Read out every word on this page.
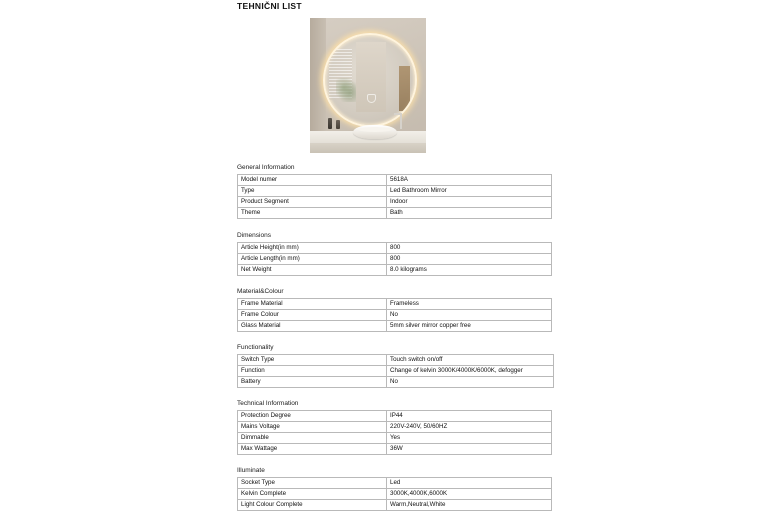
TEHNIČNI LIST
General Information
Model numer	5618A
Type	Led Bathroom Mirror
Product Segment	Indoor
Theme	Bath
Dimensions
Article Height(in mm)	800
Article Length(in mm)	800
Net Weight	8.0 kilograms
Material&Colour
Frame Material	Frameless
Frame Colour	No
Glass Material	5mm silver mirror copper free
Functionality
Switch Type	Touch switch on/off
Function	Change of kelvin 3000K/4000K/6000K, defogger
Battery	No
Technical Information
Protection Degree	IP44
Mains Voltage	220V-240V, 50/60HZ
Dimmable	Yes
Max Wattage	36W
Illuminate
Socket Type	Led
Kelvin Complete	3000K,4000K,6000K
Light Colour Complete	Warm,Neutral,White
